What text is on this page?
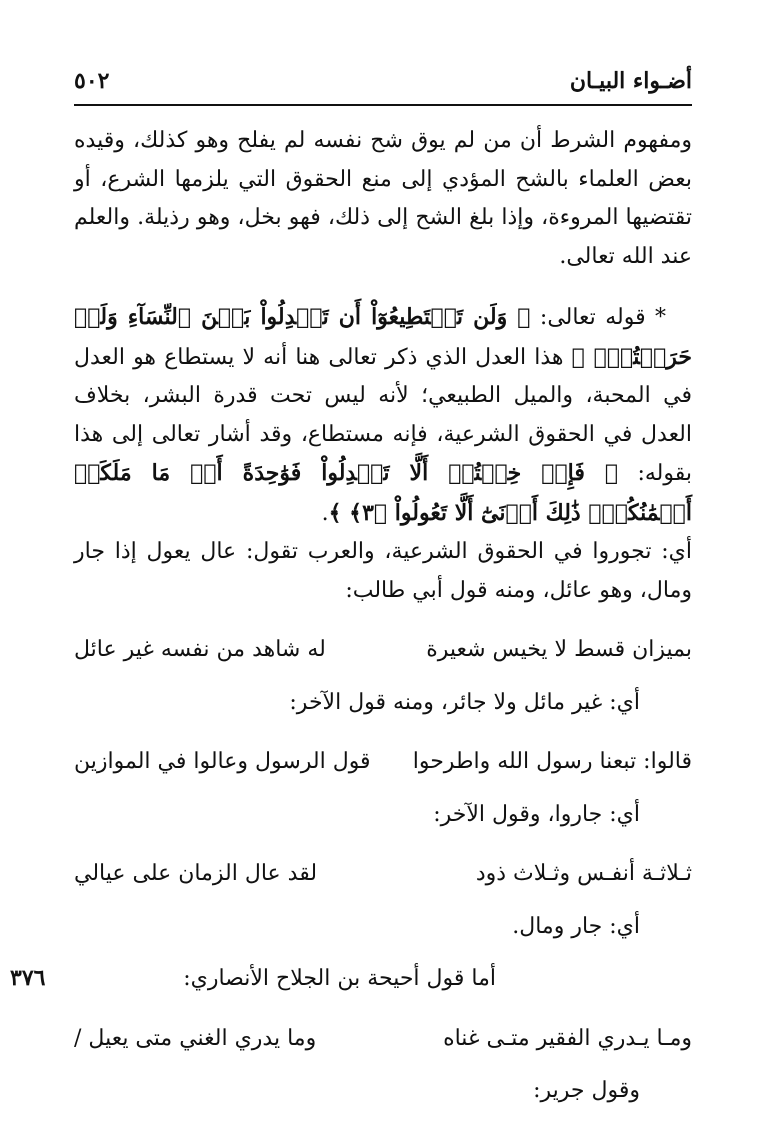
أضـواء البيـان
٥٠٢

ومفهوم الشرط أن من لم يوق شح نفسه لم يفلح وهو كذلك، وقيده بعض العلماء بالشح المؤدي إلى منع الحقوق التي يلزمها الشرع، أو تقتضيها المروءة، وإذا بلغ الشح إلى ذلك، فهو بخل، وهو رذيلة. والعلم عند الله تعالى.

* قوله تعالى: ﴿ وَلَن تَسۡتَطِيعُوٓاْ أَن تَعۡدِلُواْ بَيۡنَ ٱلنِّسَآءِ وَلَوۡ حَرَصۡتُمۡۖ ﴾ هذا العدل الذي ذكر تعالى هنا أنه لا يستطاع هو العدل في المحبة، والميل الطبيعي؛ لأنه ليس تحت قدرة البشر، بخلاف العدل في الحقوق الشرعية، فإنه مستطاع، وقد أشار تعالى إلى هذا بقوله: ﴿ فَإِنۡ خِفۡتُمۡ أَلَّا تَعۡدِلُواْ فَوَٰحِدَةً أَوۡ مَا مَلَكَتۡ أَيۡمَٰنُكُمۡۚ ذَٰلِكَ أَدۡنَىٰٓ أَلَّا تَعُولُواْ ﴿٣﴾ ﴾.

أي: تجوروا في الحقوق الشرعية، والعرب تقول: عال يعول إذا جار ومال، وهو عائل، ومنه قول أبي طالب:

بميزان قسط لا يخيس شعيرة
له شاهد من نفسه غير عائل
أي: غير مائل ولا جائر، ومنه قول الآخر:
قالوا: تبعنا رسول الله واطرحوا
قول الرسول وعالوا في الموازين
أي: جاروا، وقول الآخر:
ثـلاثـة أنفـس وثـلاث ذود
لقد عال الزمان على عيالي
أي: جار ومال.
أما قول أحيحة بن الجلاح الأنصاري:
ومـا يـدري الفقير متـى غناه
وما يدري الغني متى يعيل /
وقول جرير:
٣٧٦
